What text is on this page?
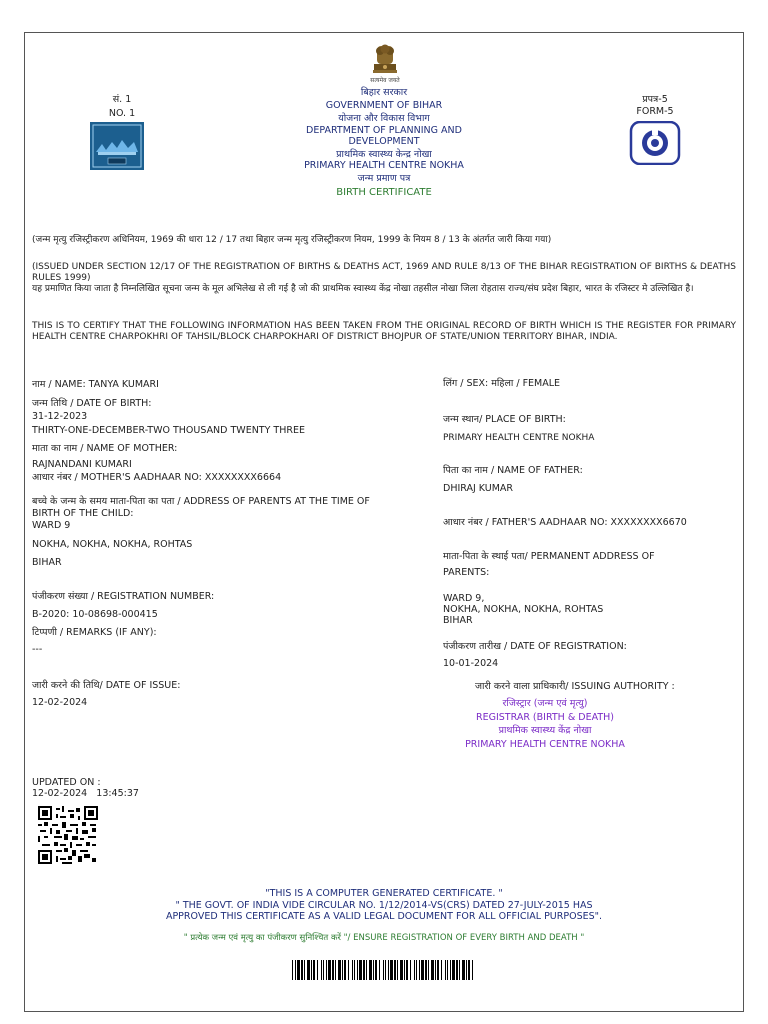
सत्यमेव जयते
सं. 1
NO. 1
प्रपत्र-5
FORM-5
बिहार सरकार
GOVERNMENT OF BIHAR
योजना और विकास विभाग
DEPARTMENT OF PLANNING AND DEVELOPMENT
प्राथमिक स्वास्थ्य केन्द्र नोखा
PRIMARY HEALTH CENTRE NOKHA
जन्म प्रमाण पत्र
BIRTH CERTIFICATE
(जन्म मृत्यु रजिस्ट्रीकरण अधिनियम, 1969 की धारा 12 / 17 तथा बिहार जन्म मृत्यु रजिस्ट्रीकरण नियम, 1999 के नियम 8 / 13 के अंतर्गत जारी किया गया)
(ISSUED UNDER SECTION 12/17 OF THE REGISTRATION OF BIRTHS & DEATHS ACT, 1969 AND RULE 8/13 OF THE BIHAR REGISTRATION OF BIRTHS & DEATHS RULES 1999)
यह प्रमाणित किया जाता है निम्नलिखित सूचना जन्म के मूल अभिलेख से ली गई है जो की प्राथमिक स्वास्थ्य केंद्र नोखा तहसील नोखा जिला रोहतास राज्य/संघ प्रदेश बिहार, भारत के रजिस्टर मे उल्लिखित है।
THIS IS TO CERTIFY THAT THE FOLLOWING INFORMATION HAS BEEN TAKEN FROM THE ORIGINAL RECORD OF BIRTH WHICH IS THE REGISTER FOR PRIMARY HEALTH CENTRE CHARPOKHRI OF TAHSIL/BLOCK CHARPOKHARI OF DISTRICT BHOJPUR OF STATE/UNION TERRITORY BIHAR, INDIA.
नाम / NAME: TANYA KUMARI
जन्म तिथि / DATE OF BIRTH:
31-12-2023
THIRTY-ONE-DECEMBER-TWO THOUSAND TWENTY THREE
माता का नाम / NAME OF MOTHER:
RAJNANDANI KUMARI
आधार नंबर / MOTHER'S AADHAAR NO: XXXXXXXX6664
बच्चे के जन्म के समय माता-पिता का पता / ADDRESS OF PARENTS AT THE TIME OF BIRTH OF THE CHILD:
WARD 9
NOKHA, NOKHA, NOKHA, ROHTAS
BIHAR
पंजीकरण संख्या / REGISTRATION NUMBER:
B-2020: 10-08698-000415
टिप्पणी / REMARKS (IF ANY):
---
जारी करने की तिथि/ DATE OF ISSUE:
12-02-2024
UPDATED ON :
12-02-2024   13:45:37
लिंग / SEX: महिला / FEMALE
जन्म स्थान/ PLACE OF BIRTH:
PRIMARY HEALTH CENTRE NOKHA
पिता का नाम / NAME OF FATHER:
DHIRAJ KUMAR
आधार नंबर / FATHER'S AADHAAR NO: XXXXXXXX6670
माता-पिता के स्थाई पता/ PERMANENT ADDRESS OF
PARENTS:
WARD 9,
NOKHA, NOKHA, NOKHA, ROHTAS
BIHAR
पंजीकरण तारीख / DATE OF REGISTRATION:
10-01-2024
जारी करने वाला प्राधिकारी/ ISSUING AUTHORITY :
रजिस्ट्रार (जन्म एवं मृत्यु)
REGISTRAR (BIRTH & DEATH)
प्राथमिक स्वास्थ्य केंद्र नोखा
PRIMARY HEALTH CENTRE NOKHA
"THIS IS A COMPUTER GENERATED CERTIFICATE. "
" THE GOVT. OF INDIA VIDE CIRCULAR NO. 1/12/2014-VS(CRS) DATED 27-JULY-2015 HAS
APPROVED THIS CERTIFICATE AS A VALID LEGAL DOCUMENT FOR ALL OFFICIAL PURPOSES".
" प्रत्येक जन्म एवं मृत्यु का पंजीकरण सुनिश्चित करें "/ ENSURE REGISTRATION OF EVERY BIRTH AND DEATH "
